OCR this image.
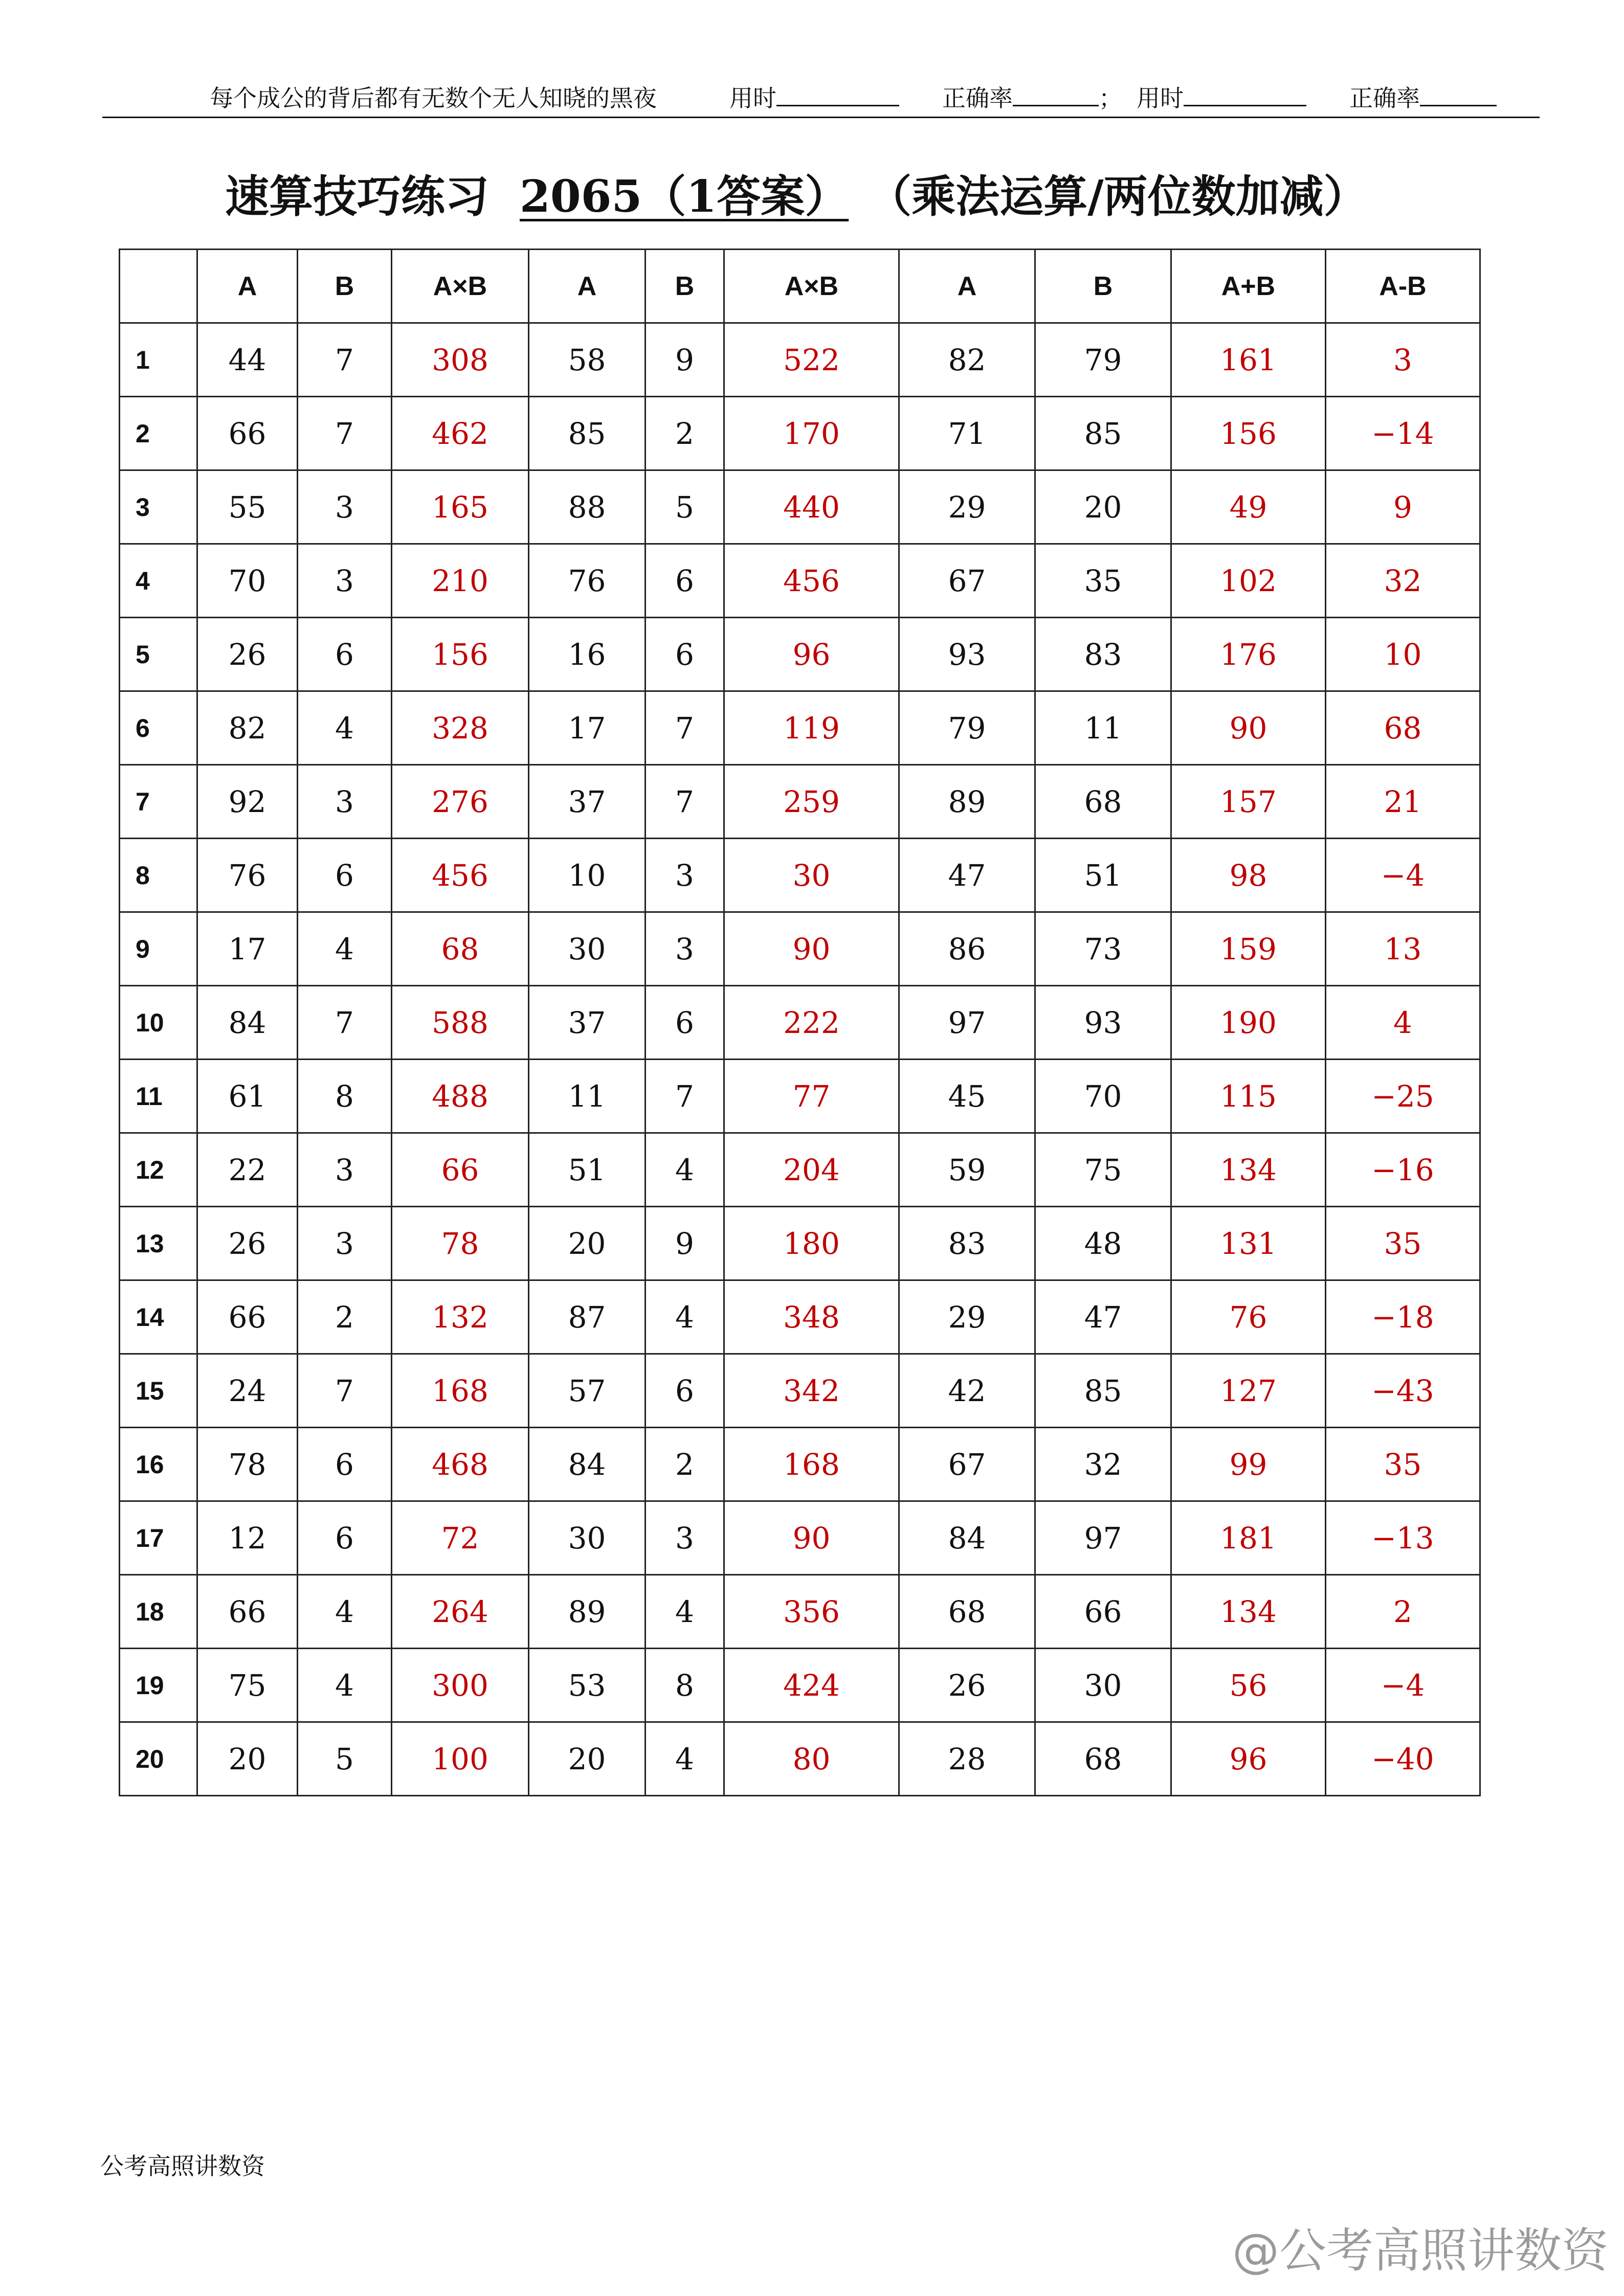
每个成公的背后都有无数个无人知晓的黑夜	用时	正确率	； 用时	正确率
速算技巧练习 2065（1答案） （乘法运算/两位数加减）
	A	B	A×B	A	B	A×B	A	B	A+B	A-B
1	44	7	308	58	9	522	82	79	161	3
2	66	7	462	85	2	170	71	85	156	−14
3	55	3	165	88	5	440	29	20	49	9
4	70	3	210	76	6	456	67	35	102	32
5	26	6	156	16	6	96	93	83	176	10
6	82	4	328	17	7	119	79	11	90	68
7	92	3	276	37	7	259	89	68	157	21
8	76	6	456	10	3	30	47	51	98	−4
9	17	4	68	30	3	90	86	73	159	13
10	84	7	588	37	6	222	97	93	190	4
11	61	8	488	11	7	77	45	70	115	−25
12	22	3	66	51	4	204	59	75	134	−16
13	26	3	78	20	9	180	83	48	131	35
14	66	2	132	87	4	348	29	47	76	−18
15	24	7	168	57	6	342	42	85	127	−43
16	78	6	468	84	2	168	67	32	99	35
17	12	6	72	30	3	90	84	97	181	−13
18	66	4	264	89	4	356	68	66	134	2
19	75	4	300	53	8	424	26	30	56	−4
20	20	5	100	20	4	80	28	68	96	−40
公考高照讲数资
@公考高照讲数资
